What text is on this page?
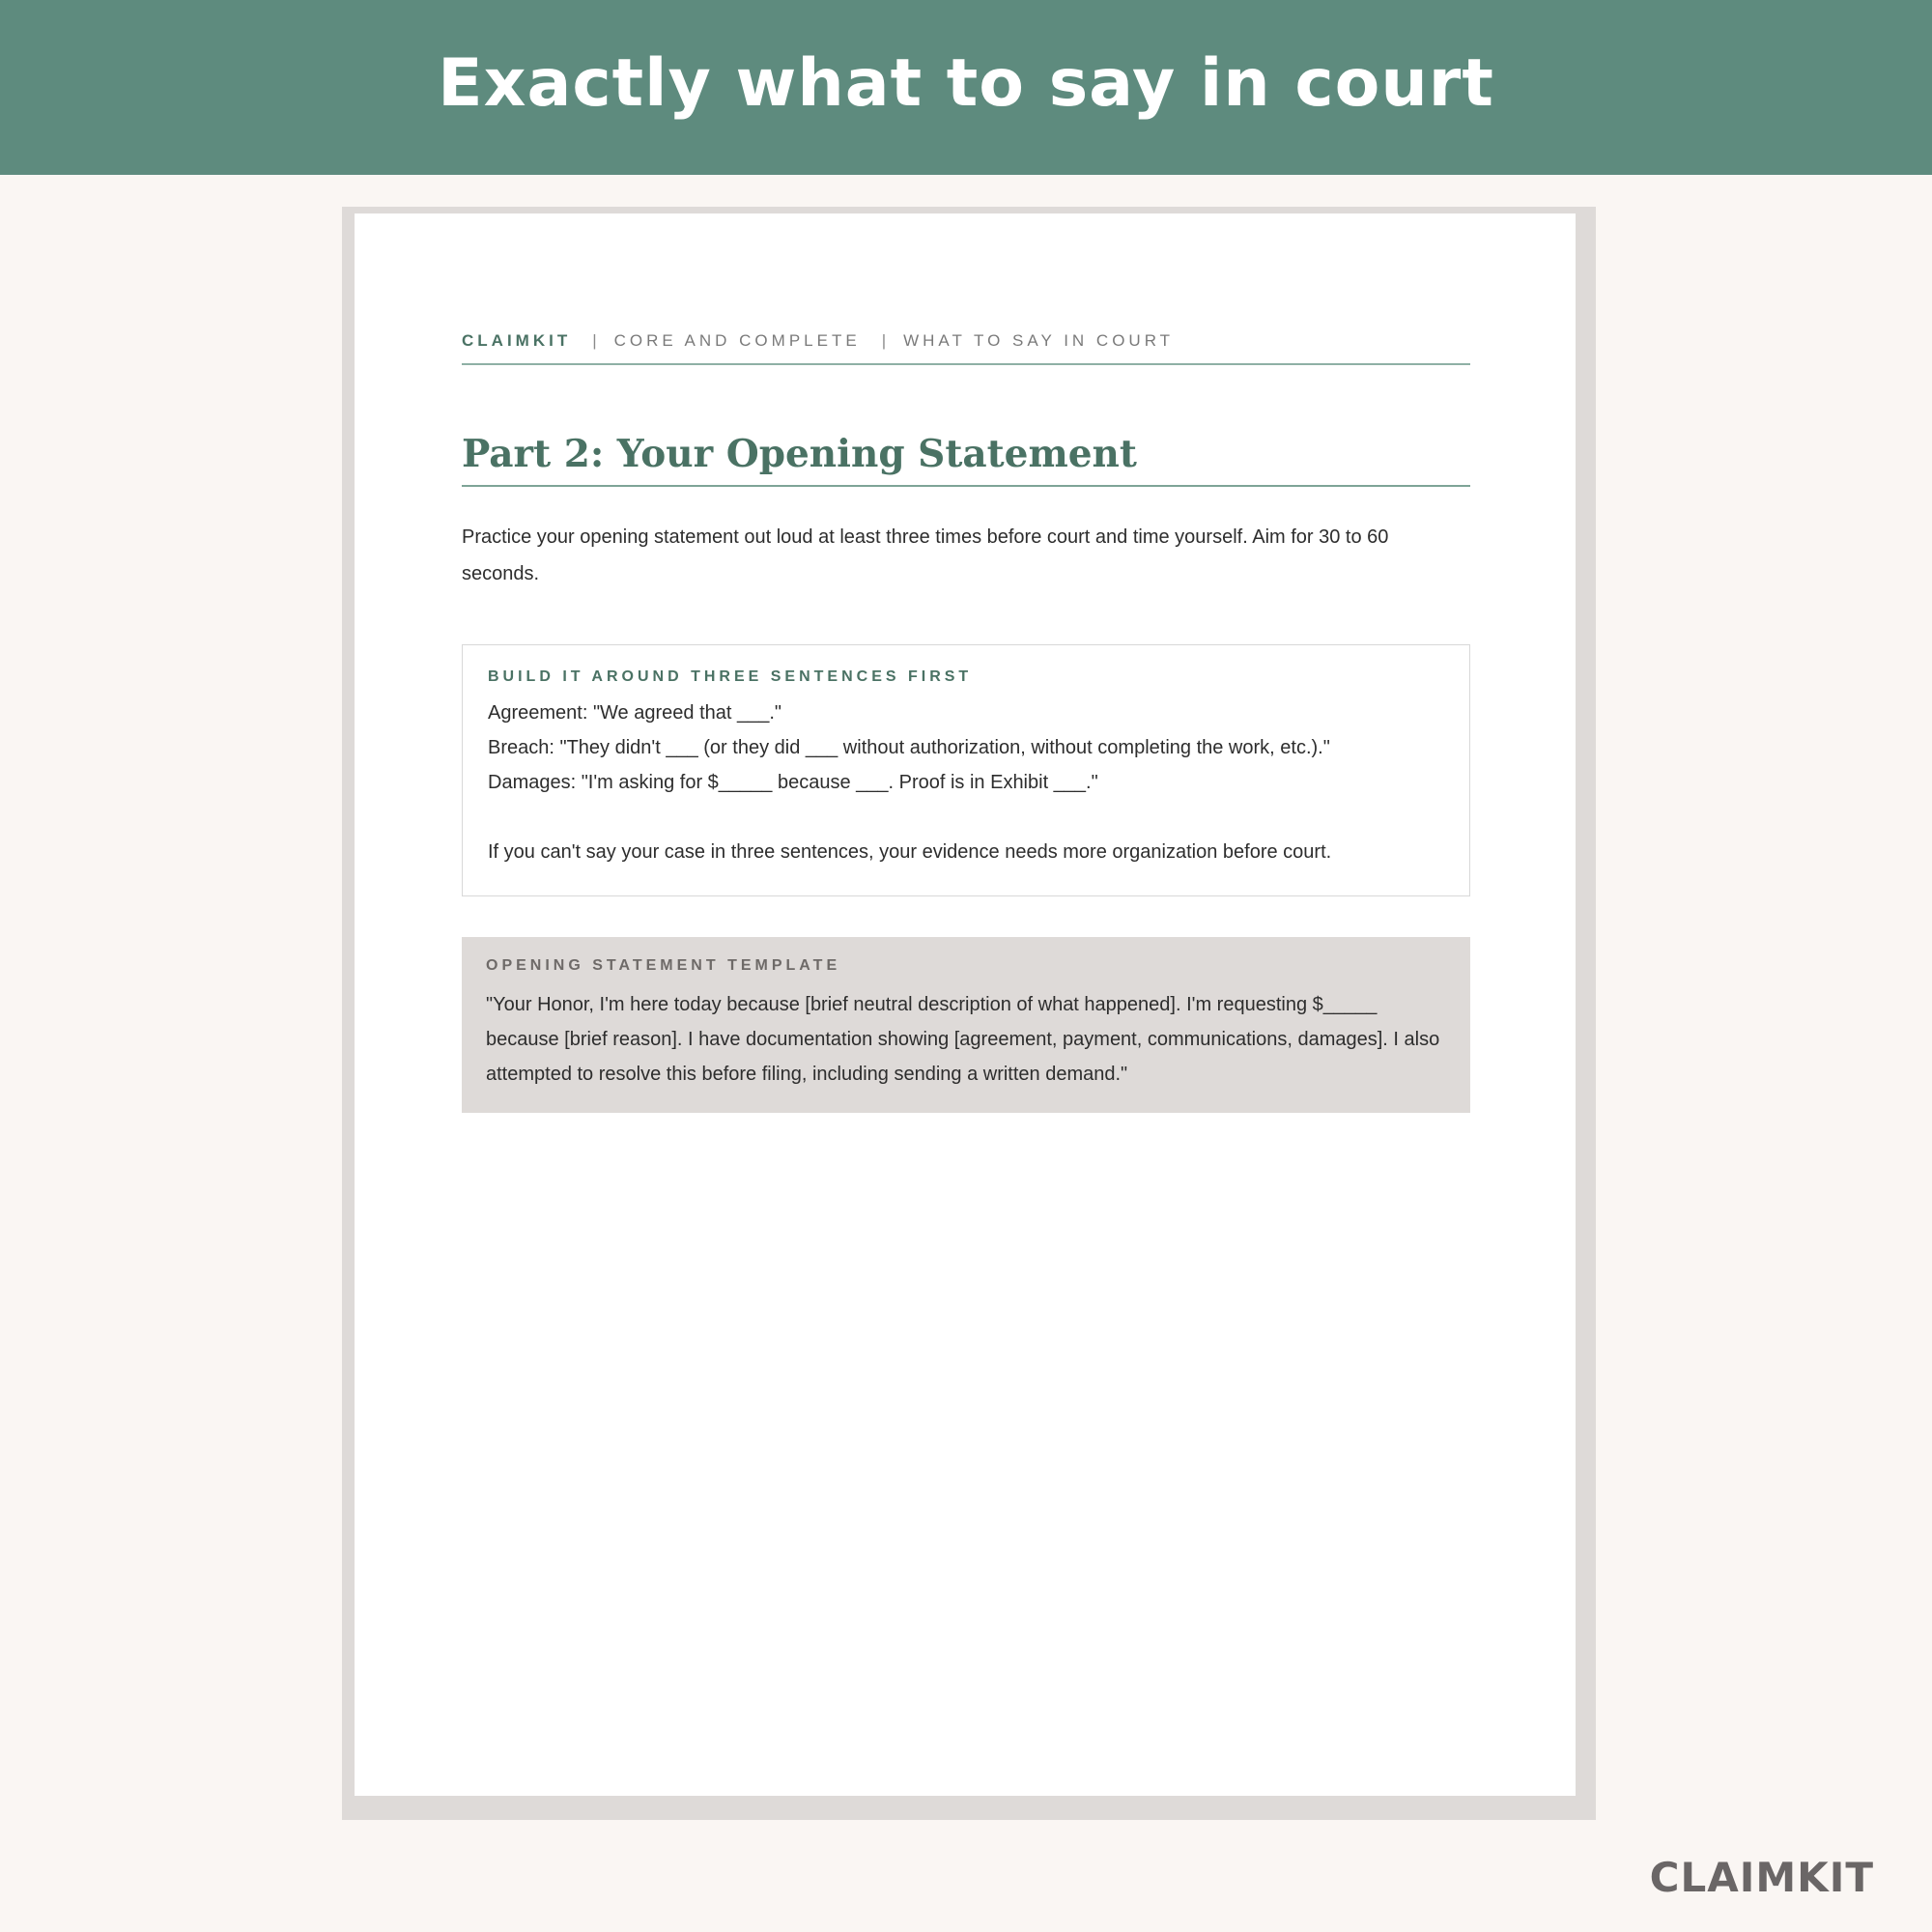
Exactly what to say in court
CLAIMKIT | CORE AND COMPLETE | WHAT TO SAY IN COURT
Part 2: Your Opening Statement
Practice your opening statement out loud at least three times before court and time yourself. Aim for 30 to 60 seconds.
BUILD IT AROUND THREE SENTENCES FIRST
Agreement: "We agreed that ___."
Breach: "They didn't ___ (or they did ___ without authorization, without completing the work, etc.)."
Damages: "I'm asking for $_____ because ___. Proof is in Exhibit ___."
If you can't say your case in three sentences, your evidence needs more organization before court.
OPENING STATEMENT TEMPLATE
"Your Honor, I'm here today because [brief neutral description of what happened]. I'm requesting $_____ because [brief reason]. I have documentation showing [agreement, payment, communications, damages]. I also attempted to resolve this before filing, including sending a written demand."
CLAIMKIT
